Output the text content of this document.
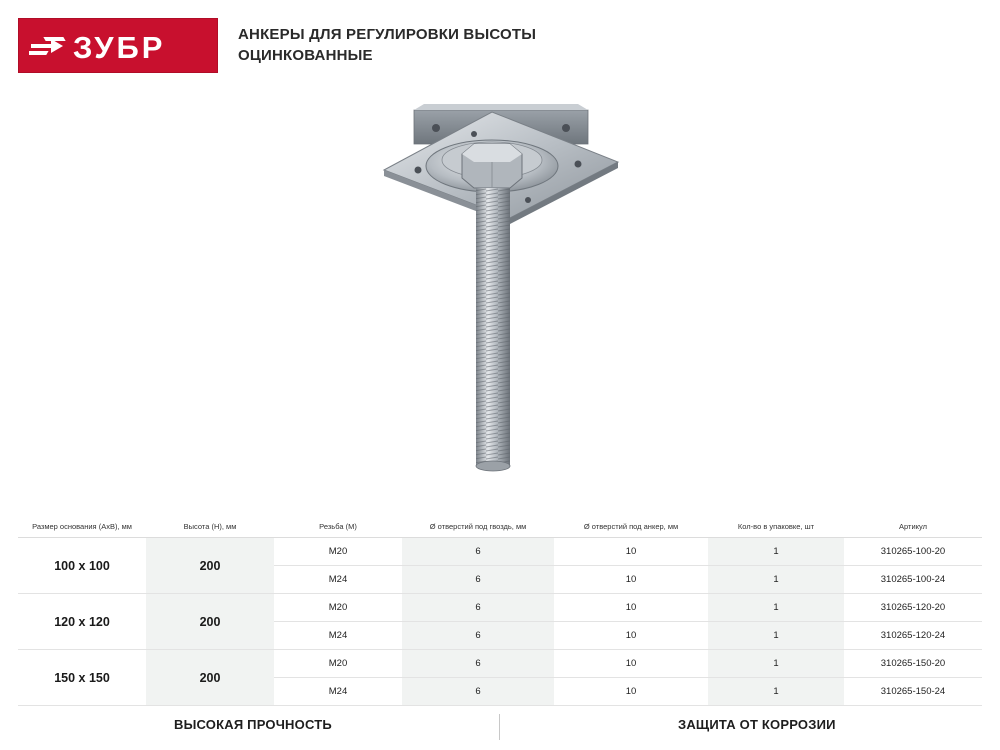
ЗУБР	АНКЕРЫ ДЛЯ РЕГУЛИРОВКИ ВЫСОТЫ
ОЦИНКОВАННЫЕ
Размер основания (AxB), мм	Высота (H), мм	Резьба (M)	Ø отверстий под гвоздь, мм	Ø отверстий под анкер, мм	Кол-во в упаковке, шт	Артикул
100 x 100	200	M20	6	10	1	310265-100-20
		M24	6	10	1	310265-100-24
120 x 120	200	M20	6	10	1	310265-120-20
		M24	6	10	1	310265-120-24
150 x 150	200	M20	6	10	1	310265-150-20
		M24	6	10	1	310265-150-24
ВЫСОКАЯ ПРОЧНОСТЬ	ЗАЩИТА ОТ КОРРОЗИИ
